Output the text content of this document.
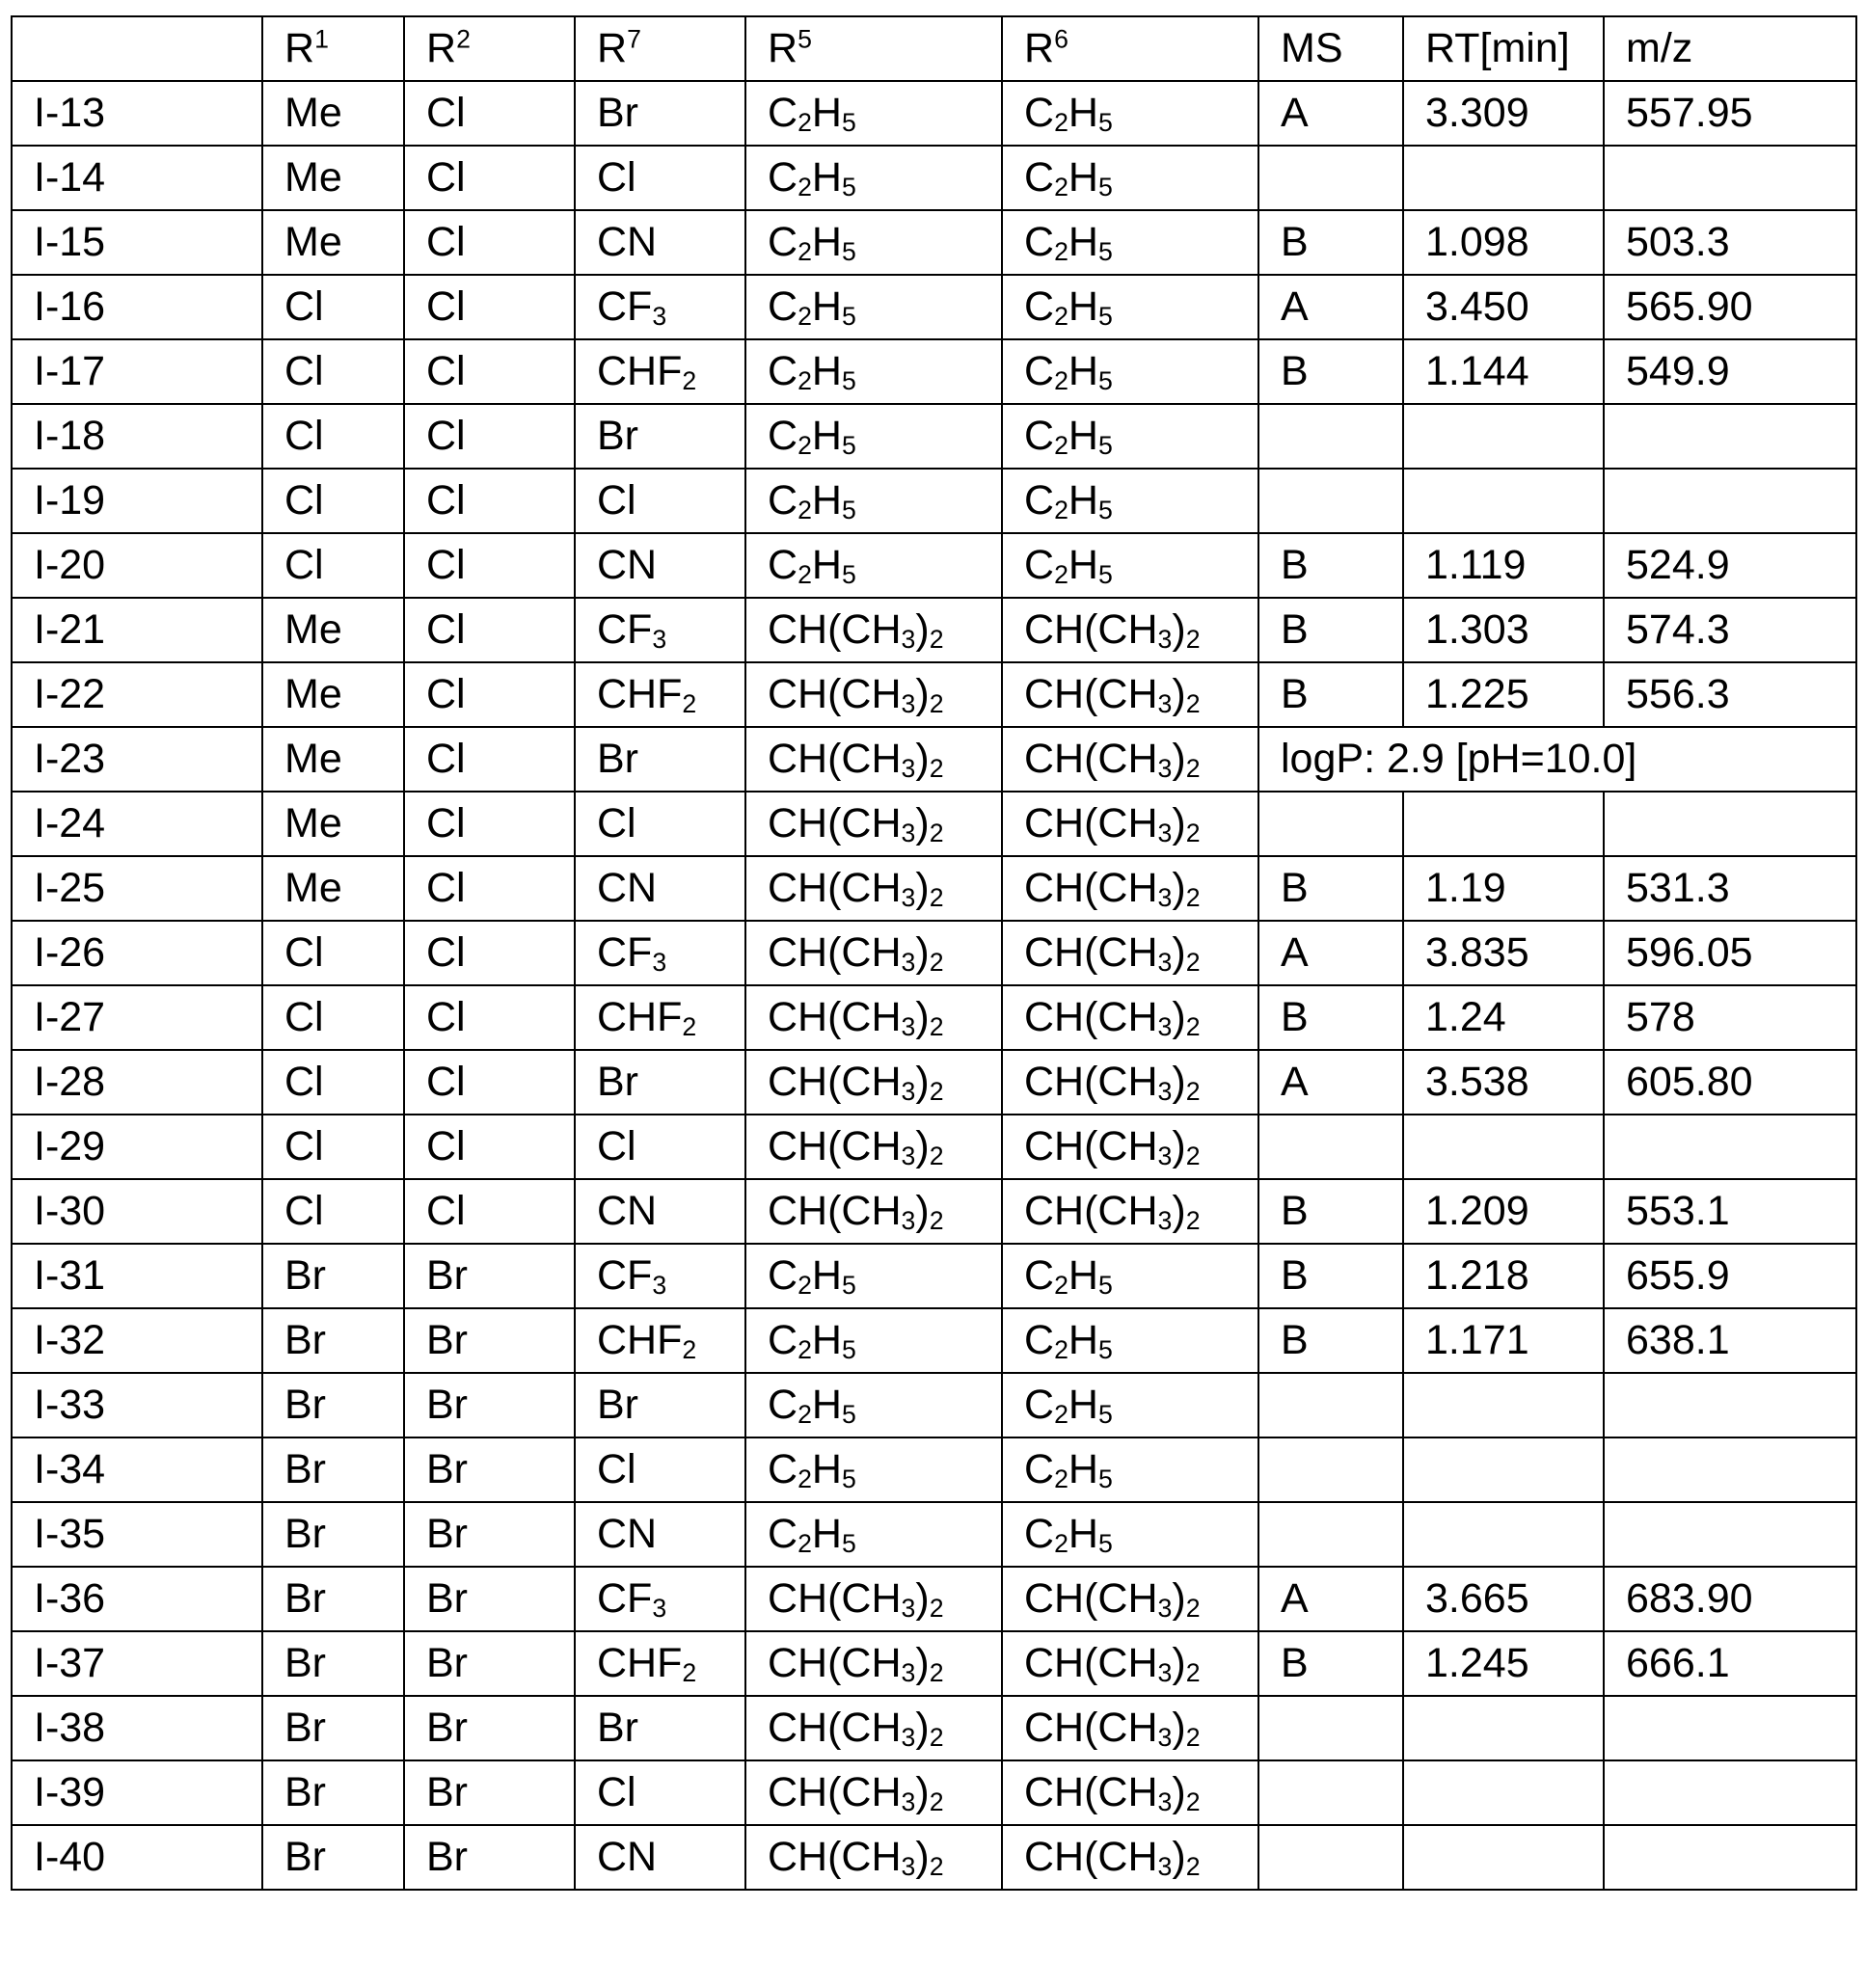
	$R^1$	$R^2$	$R^7$	$R^5$	$R^6$	MS	RT[min]	m/z
I-13	Me	Cl	Br	$C_2H_5$	$C_2H_5$	A	3.309	557.95
I-14	Me	Cl	Cl	$C_2H_5$	$C_2H_5$			
I-15	Me	Cl	CN	$C_2H_5$	$C_2H_5$	B	1.098	503.3
I-16	Cl	Cl	$CF_3$	$C_2H_5$	$C_2H_5$	A	3.450	565.90
I-17	Cl	Cl	$CHF_2$	$C_2H_5$	$C_2H_5$	B	1.144	549.9
I-18	Cl	Cl	Br	$C_2H_5$	$C_2H_5$			
I-19	Cl	Cl	Cl	$C_2H_5$	$C_2H_5$			
I-20	Cl	Cl	CN	$C_2H_5$	$C_2H_5$	B	1.119	524.9
I-21	Me	Cl	$CF_3$	$CH(CH_3)_2$	$CH(CH_3)_2$	B	1.303	574.3
I-22	Me	Cl	$CHF_2$	$CH(CH_3)_2$	$CH(CH_3)_2$	B	1.225	556.3
I-23	Me	Cl	Br	$CH(CH_3)_2$	$CH(CH_3)_2$	logP: 2.9 [pH=10.0]		
I-24	Me	Cl	Cl	$CH(CH_3)_2$	$CH(CH_3)_2$			
I-25	Me	Cl	CN	$CH(CH_3)_2$	$CH(CH_3)_2$	B	1.19	531.3
I-26	Cl	Cl	$CF_3$	$CH(CH_3)_2$	$CH(CH_3)_2$	A	3.835	596.05
I-27	Cl	Cl	$CHF_2$	$CH(CH_3)_2$	$CH(CH_3)_2$	B	1.24	578
I-28	Cl	Cl	Br	$CH(CH_3)_2$	$CH(CH_3)_2$	A	3.538	605.80
I-29	Cl	Cl	Cl	$CH(CH_3)_2$	$CH(CH_3)_2$			
I-30	Cl	Cl	CN	$CH(CH_3)_2$	$CH(CH_3)_2$	B	1.209	553.1
I-31	Br	Br	$CF_3$	$C_2H_5$	$C_2H_5$	B	1.218	655.9
I-32	Br	Br	$CHF_2$	$C_2H_5$	$C_2H_5$	B	1.171	638.1
I-33	Br	Br	Br	$C_2H_5$	$C_2H_5$			
I-34	Br	Br	Cl	$C_2H_5$	$C_2H_5$			
I-35	Br	Br	CN	$C_2H_5$	$C_2H_5$			
I-36	Br	Br	$CF_3$	$CH(CH_3)_2$	$CH(CH_3)_2$	A	3.665	683.90
I-37	Br	Br	$CHF_2$	$CH(CH_3)_2$	$CH(CH_3)_2$	B	1.245	666.1
I-38	Br	Br	Br	$CH(CH_3)_2$	$CH(CH_3)_2$			
I-39	Br	Br	Cl	$CH(CH_3)_2$	$CH(CH_3)_2$			
I-40	Br	Br	CN	$CH(CH_3)_2$	$CH(CH_3)_2$			
